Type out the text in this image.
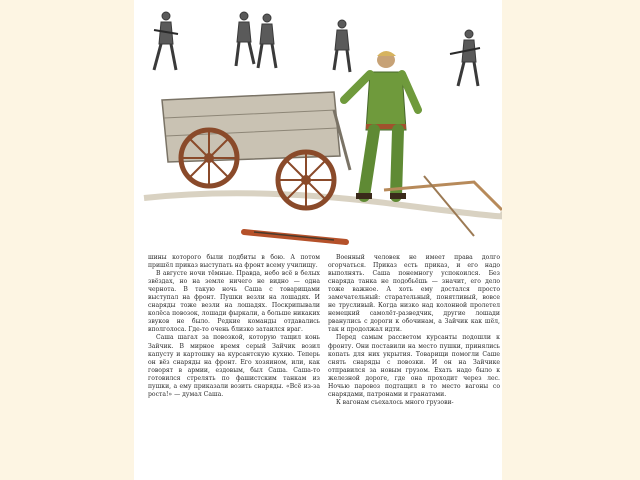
шины которого были подбиты в бою. А потом пришёл приказ выступать на фронт всему училищу.

В августе ночи тёмные. Правда, небо всё в белых звёздах, но на земле ничего не видно — одна чернота. В такую ночь Саша с товарищами выступал на фронт. Пушки везли на лошадях. И снаряды тоже везли на лошадях. Поскрипывали колёса повозок, лошади фыркали, а больше никаких звуков не было. Редкие команды отдавались вполголоса. Где-то очень близко затаился враг.

Саша шагал за повозкой, которую тащил конь Зайчик. В мирное время серый Зайчик возил капусту и картошку на курсантскую кухню. Теперь он вёз снаряды на фронт. Его хозяином, или, как говорят в армии, ездовым, был Саша. Саша-то готовился стрелять по фашистским танкам из пушки, а ему приказали возить снаряды. «Всё из-за роста!» — думал Саша.

Военный человек не имеет права долго огорчаться. Приказ есть приказ, и его надо выполнять. Саша понемногу успокоился. Без снаряда танка не подобьёшь — значит, его дело тоже важное. А хоть ему досталcя просто замечательный: старательный, понятливый, вовсе не трусливый. Когда низко над колонной пролетел немецкий самолёт-разведчик, другие лошади рванулись с дороги к обочинам, а Зайчик как шёл, так и продолжал идти.

Перед самым рассветом курсанты подошли к фронту. Они поставили на место пушки, принялись копать для них укрытия. Товарищи помогли Саше снять снаряды с повозки. И он на Зайчике отправился за новым грузом. Ехать надо было к железной дороге, где она проходит через лес. Ночью паровоз подтащил в то место вагоны со снарядами, патронами и гранатами.

К вагонам съехалось много грузови-
